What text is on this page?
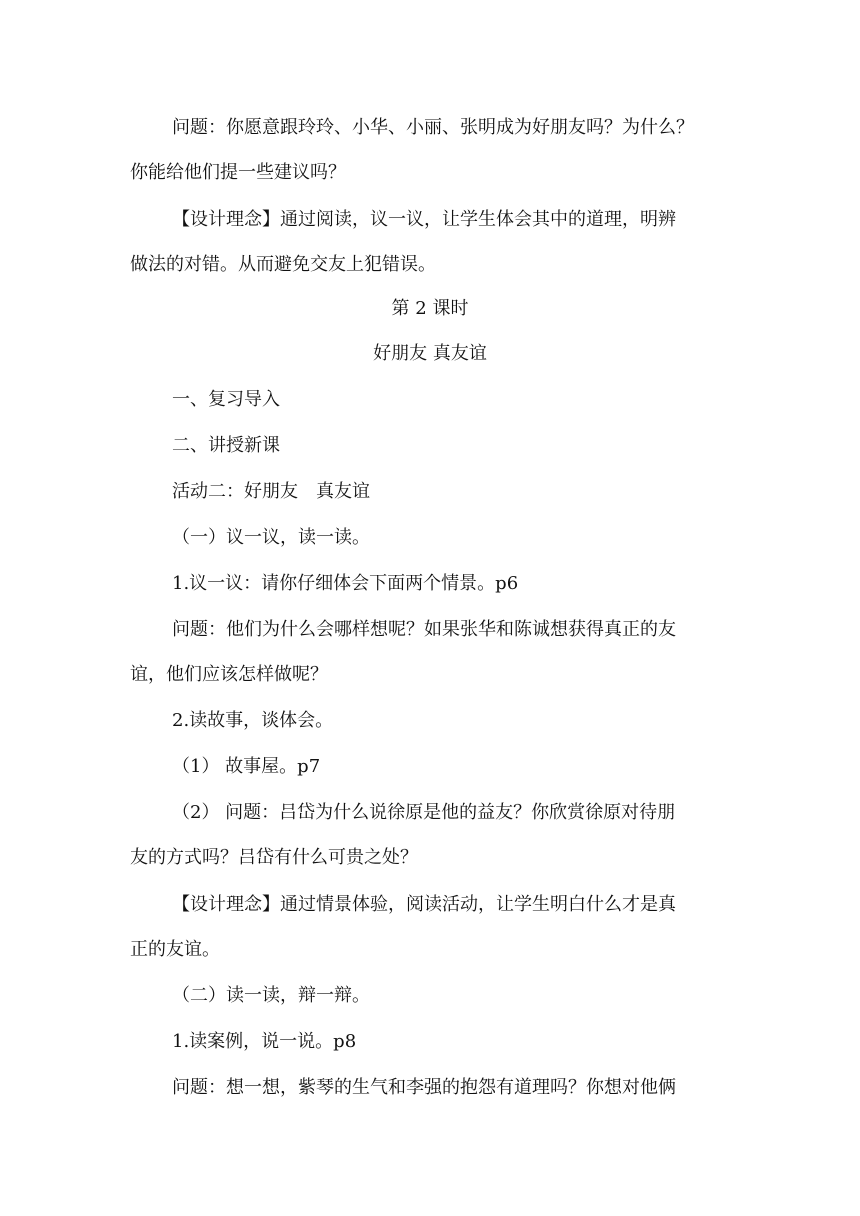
问题：你愿意跟玲玲、小华、小丽、张明成为好朋友吗？为什么？
你能给他们提一些建议吗？
【设计理念】通过阅读，议一议，让学生体会其中的道理，明辨
做法的对错。从而避免交友上犯错误。
第 2 课时
好朋友 真友谊
一、复习导入
二、讲授新课
活动二：好朋友　真友谊
（一）议一议，读一读。
1.议一议：请你仔细体会下面两个情景。p6
问题：他们为什么会哪样想呢？如果张华和陈诚想获得真正的友
谊，他们应该怎样做呢？
2.读故事，谈体会。
（1） 故事屋。p7
（2） 问题：吕岱为什么说徐原是他的益友？你欣赏徐原对待朋
友的方式吗？吕岱有什么可贵之处？
【设计理念】通过情景体验，阅读活动，让学生明白什么才是真
正的友谊。
（二）读一读，辩一辩。
1.读案例，说一说。p8
问题：想一想，紫琴的生气和李强的抱怨有道理吗？你想对他俩
